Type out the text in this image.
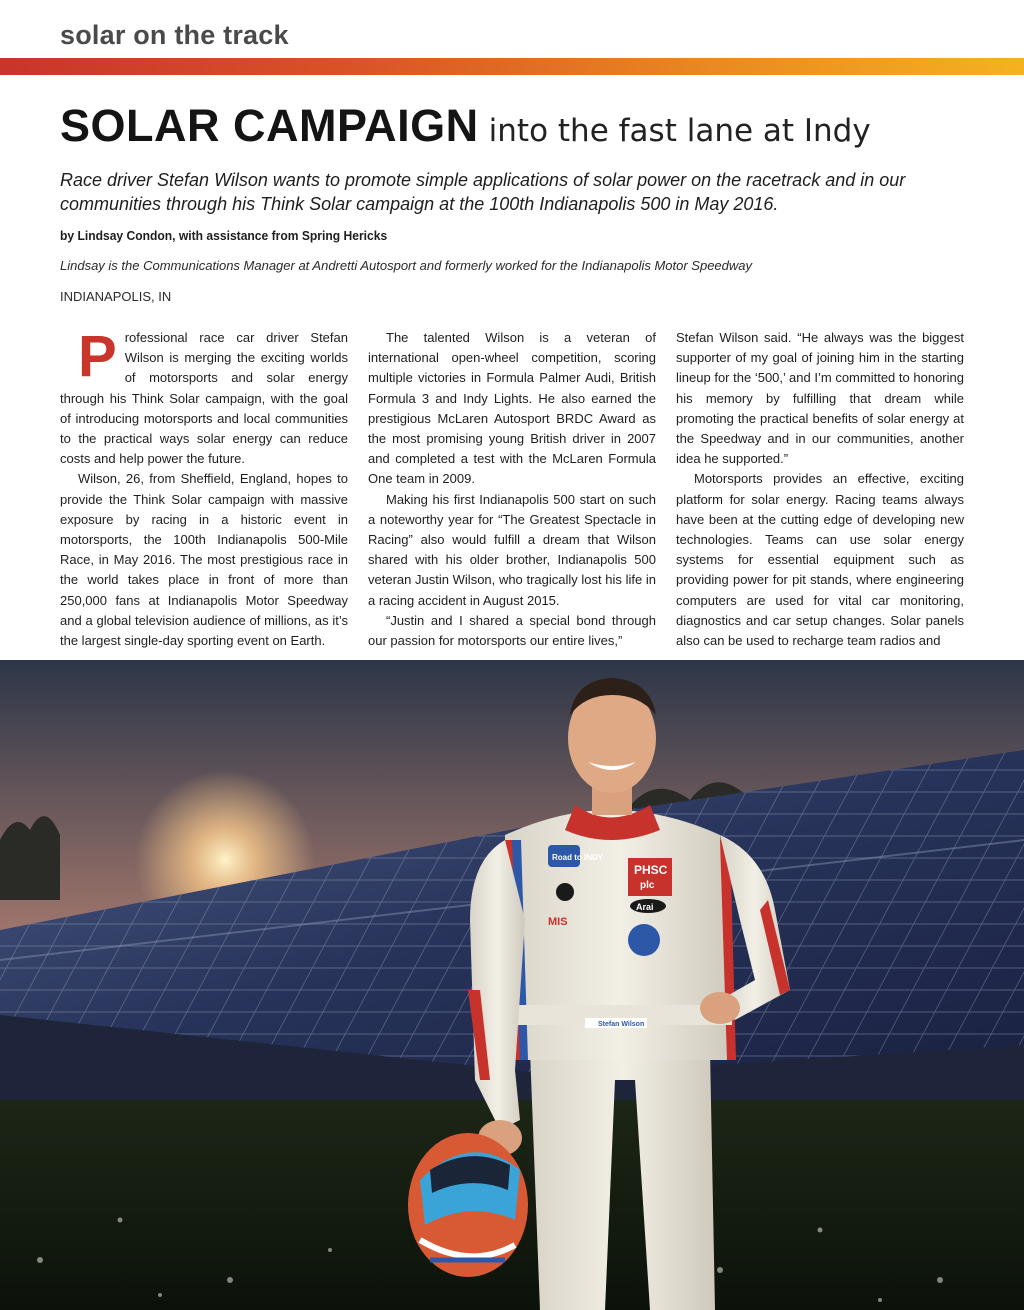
solar on the track
SOLAR CAMPAIGN into the fast lane at Indy
Race driver Stefan Wilson wants to promote simple applications of solar power on the racetrack and in our communities through his Think Solar campaign at the 100th Indianapolis 500 in May 2016.
by Lindsay Condon, with assistance from Spring Hericks
Lindsay is the Communications Manager at Andretti Autosport and formerly worked for the Indianapolis Motor Speedway
INDIANAPOLIS, IN

Professional race car driver Stefan Wilson is merging the exciting worlds of motorsports and solar energy through his Think Solar campaign, with the goal of introducing motorsports and local communities to the practical ways solar energy can reduce costs and help power the future.

Wilson, 26, from Sheffield, England, hopes to provide the Think Solar campaign with massive exposure by racing in a historic event in motorsports, the 100th Indianapolis 500-Mile Race, in May 2016. The most prestigious race in the world takes place in front of more than 250,000 fans at Indianapolis Motor Speedway and a global television audience of millions, as it’s the largest single-day sporting event on Earth.

The talented Wilson is a veteran of international open-wheel competition, scoring multiple victories in Formula Palmer Audi, British Formula 3 and Indy Lights. He also earned the prestigious McLaren Autosport BRDC Award as the most promising young British driver in 2007 and completed a test with the McLaren Formula One team in 2009.

Making his first Indianapolis 500 start on such a noteworthy year for “The Greatest Spectacle in Racing” also would fulfill a dream that Wilson shared with his older brother, Indianapolis 500 veteran Justin Wilson, who tragically lost his life in a racing accident in August 2015.

“Justin and I shared a special bond through our passion for motorsports our entire lives,”

Stefan Wilson said. “He always was the biggest supporter of my goal of joining him in the starting lineup for the ‘500,’ and I’m committed to honoring his memory by fulfilling that dream while promoting the practical benefits of solar energy at the Speedway and in our communities, another idea he supported.”

Motorsports provides an effective, exciting platform for solar energy. Racing teams always have been at the cutting edge of developing new technologies. Teams can use solar energy systems for essential equipment such as providing power for pit stands, where engineering computers are used for vital car monitoring, diagnostics and car setup changes. Solar panels also can be used to recharge team radios and

Road to INDY
PHSC
plc
Arai
MIS
Stefan Wilson
